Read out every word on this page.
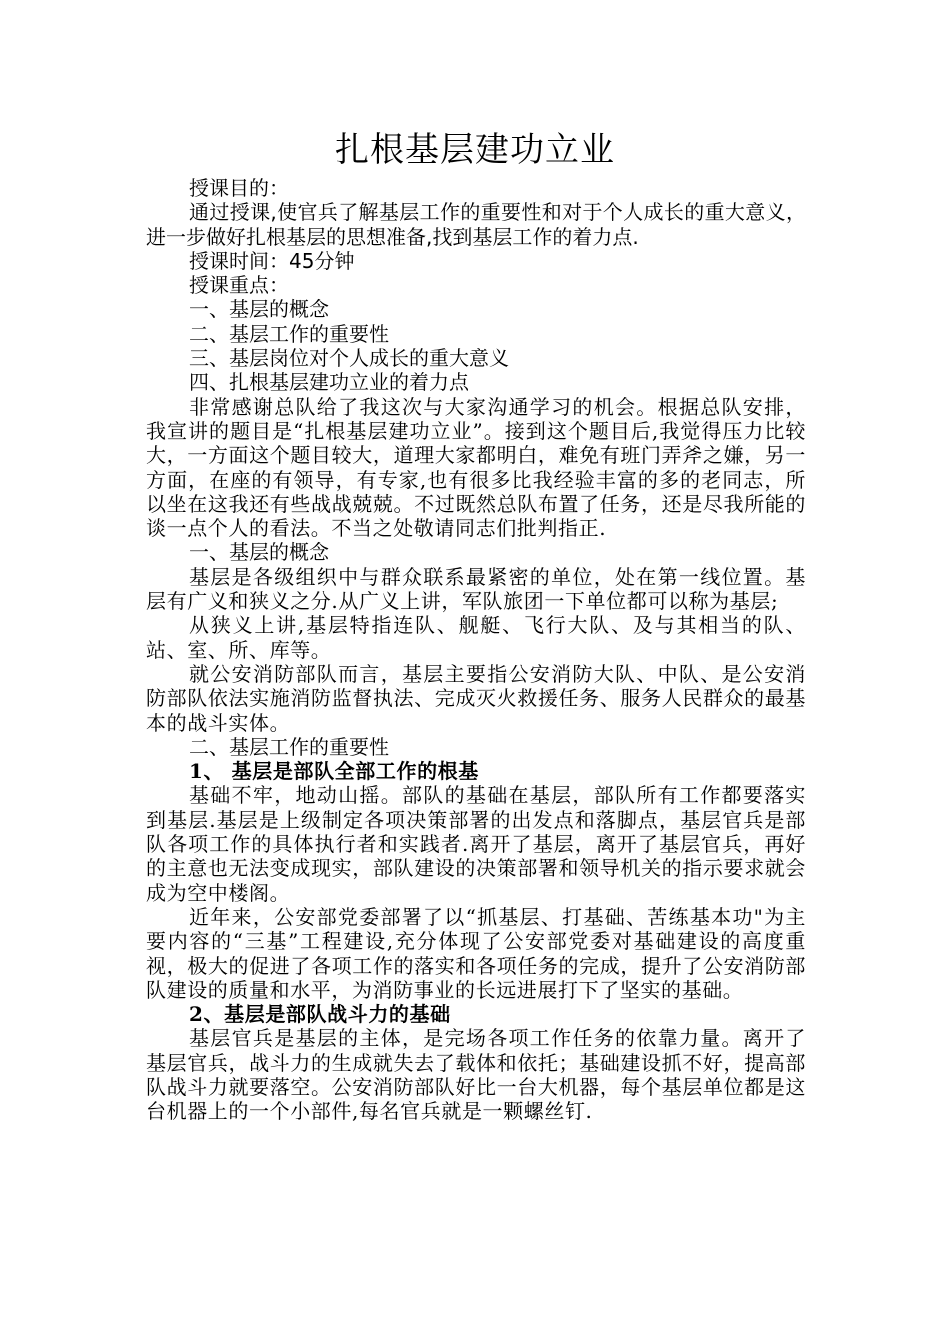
扎根基层建功立业

授课目的：

通过授课,使官兵了解基层工作的重要性和对于个人成长的重大意义，进一步做好扎根基层的思想准备,找到基层工作的着力点.

授课时间：45分钟

授课重点：

一、基层的概念

二、基层工作的重要性

三、基层岗位对个人成长的重大意义

四、扎根基层建功立业的着力点

非常感谢总队给了我这次与大家沟通学习的机会。根据总队安排，我宣讲的题目是“扎根基层建功立业”。接到这个题目后,我觉得压力比较大，一方面这个题目较大，道理大家都明白，难免有班门弄斧之嫌，另一方面，在座的有领导，有专家,也有很多比我经验丰富的多的老同志，所以坐在这我还有些战战兢兢。不过既然总队布置了任务，还是尽我所能的谈一点个人的看法。不当之处敬请同志们批判指正.

一、基层的概念

基层是各级组织中与群众联系最紧密的单位，处在第一线位置。基层有广义和狭义之分.从广义上讲，军队旅团一下单位都可以称为基层;

从狭义上讲,基层特指连队、舰艇、飞行大队、及与其相当的队、站、室、所、库等。

就公安消防部队而言，基层主要指公安消防大队、中队、是公安消防部队依法实施消防监督执法、完成灭火救援任务、服务人民群众的最基本的战斗实体。

二、基层工作的重要性

1、 基层是部队全部工作的根基

基础不牢，地动山摇。部队的基础在基层，部队所有工作都要落实到基层.基层是上级制定各项决策部署的出发点和落脚点，基层官兵是部队各项工作的具体执行者和实践者.离开了基层，离开了基层官兵，再好的主意也无法变成现实，部队建设的决策部署和领导机关的指示要求就会成为空中楼阁。

近年来，公安部党委部署了以“抓基层、打基础、苦练基本功"为主要内容的“三基”工程建设,充分体现了公安部党委对基础建设的高度重视，极大的促进了各项工作的落实和各项任务的完成，提升了公安消防部队建设的质量和水平，为消防事业的长远进展打下了坚实的基础。

2、基层是部队战斗力的基础

基层官兵是基层的主体，是完场各项工作任务的依靠力量。离开了基层官兵，战斗力的生成就失去了载体和依托；基础建设抓不好，提高部队战斗力就要落空。公安消防部队好比一台大机器，每个基层单位都是这台机器上的一个小部件,每名官兵就是一颗螺丝钉.
